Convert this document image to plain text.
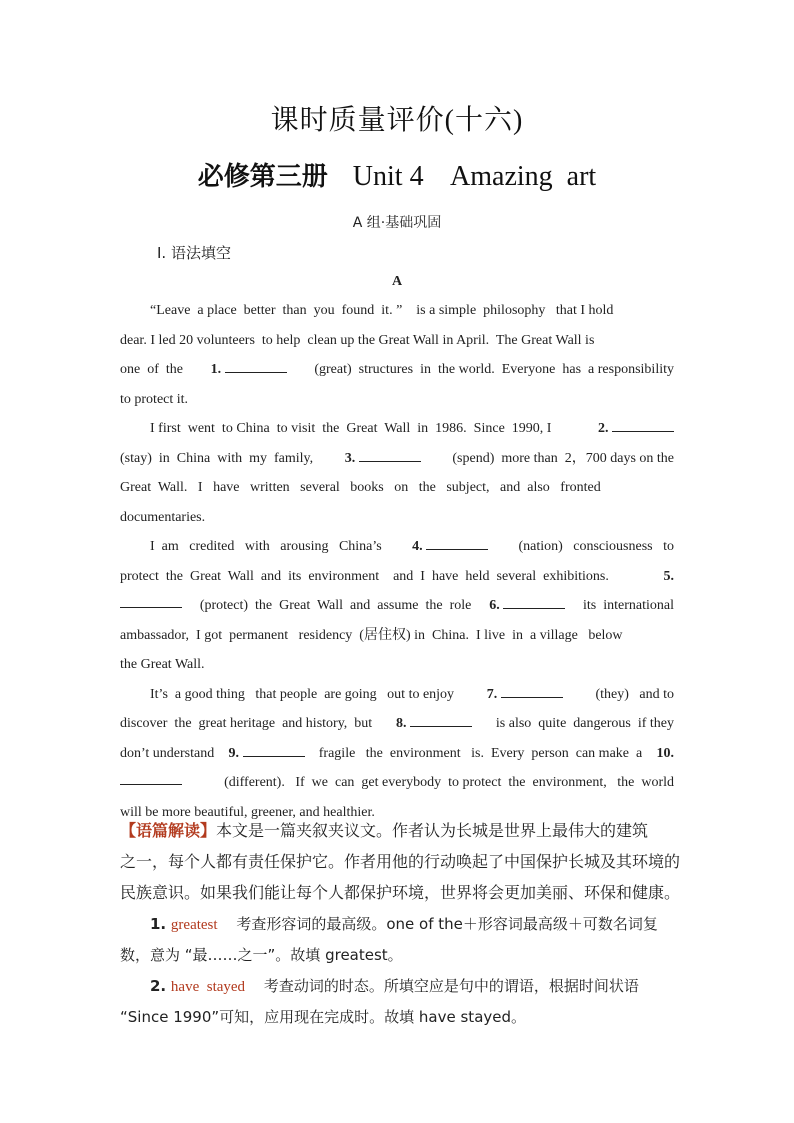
课时质量评价(十六)
必修第三册 Unit 4    Amazing  art
A 组·基础巩固
Ⅰ. 语法填空
A
“Leave  a place  better  than  you  found  it. ”    is a simple  philosophy   that I hold
dear. I led 20 volunteers  to help  clean up the Great Wall in April.  The Great Wall is
one  of  the 1.	(great)  structures  in  the world.  Everyone  has  a responsibility
to protect it.
I first  went  to China  to visit  the  Great  Wall  in  1986.  Since  1990, I	2.
(stay)  in  China  with  my  family, 3.	(spend)  more than  2，700 days on the
Great  Wall.   I   have   written   several   books   on   the   subject,   and  also   fronted
documentaries.
I  am   credited   with   arousing   China’s 4.	(nation)   consciousness   to
protect  the  Great  Wall  and  its  environment    and  I  have  held  several  exhibitions.	5.
(protect)  the  Great  Wall  and  assume  the  role 6.	its  international
ambassador,  I got  permanent   residency  (居住权) in  China.  I live  in  a village   below
the Great Wall.
It’s  a good thing   that people  are going   out to enjoy 7.	(they)   and to
discover  the  great heritage  and history,  but 8.	is also  quite  dangerous  if they
don’t understand 9.	fragile   the  environment   is.  Every  person  can make  a 10.
(different).   If  we  can  get everybody  to protect  the  environment,   the  world
will be more beautiful, greener, and healthier.
【语篇解读】本文是一篇夹叙夹议文。作者认为长城是世界上最伟大的建筑
之一，每个人都有责任保护它。作者用他的行动唤起了中国保护长城及其环境的
民族意识。如果我们能让每个人都保护环境，世界将会更加美丽、环保和健康。
1. greatest 考查形容词的最高级。one of the＋形容词最高级＋可数名词复
数，意为 “最……之一”。故填 greatest。
2. have  stayed 考查动词的时态。所填空应是句中的谓语，根据时间状语
“Since 1990”可知，应用现在完成时。故填 have stayed。
